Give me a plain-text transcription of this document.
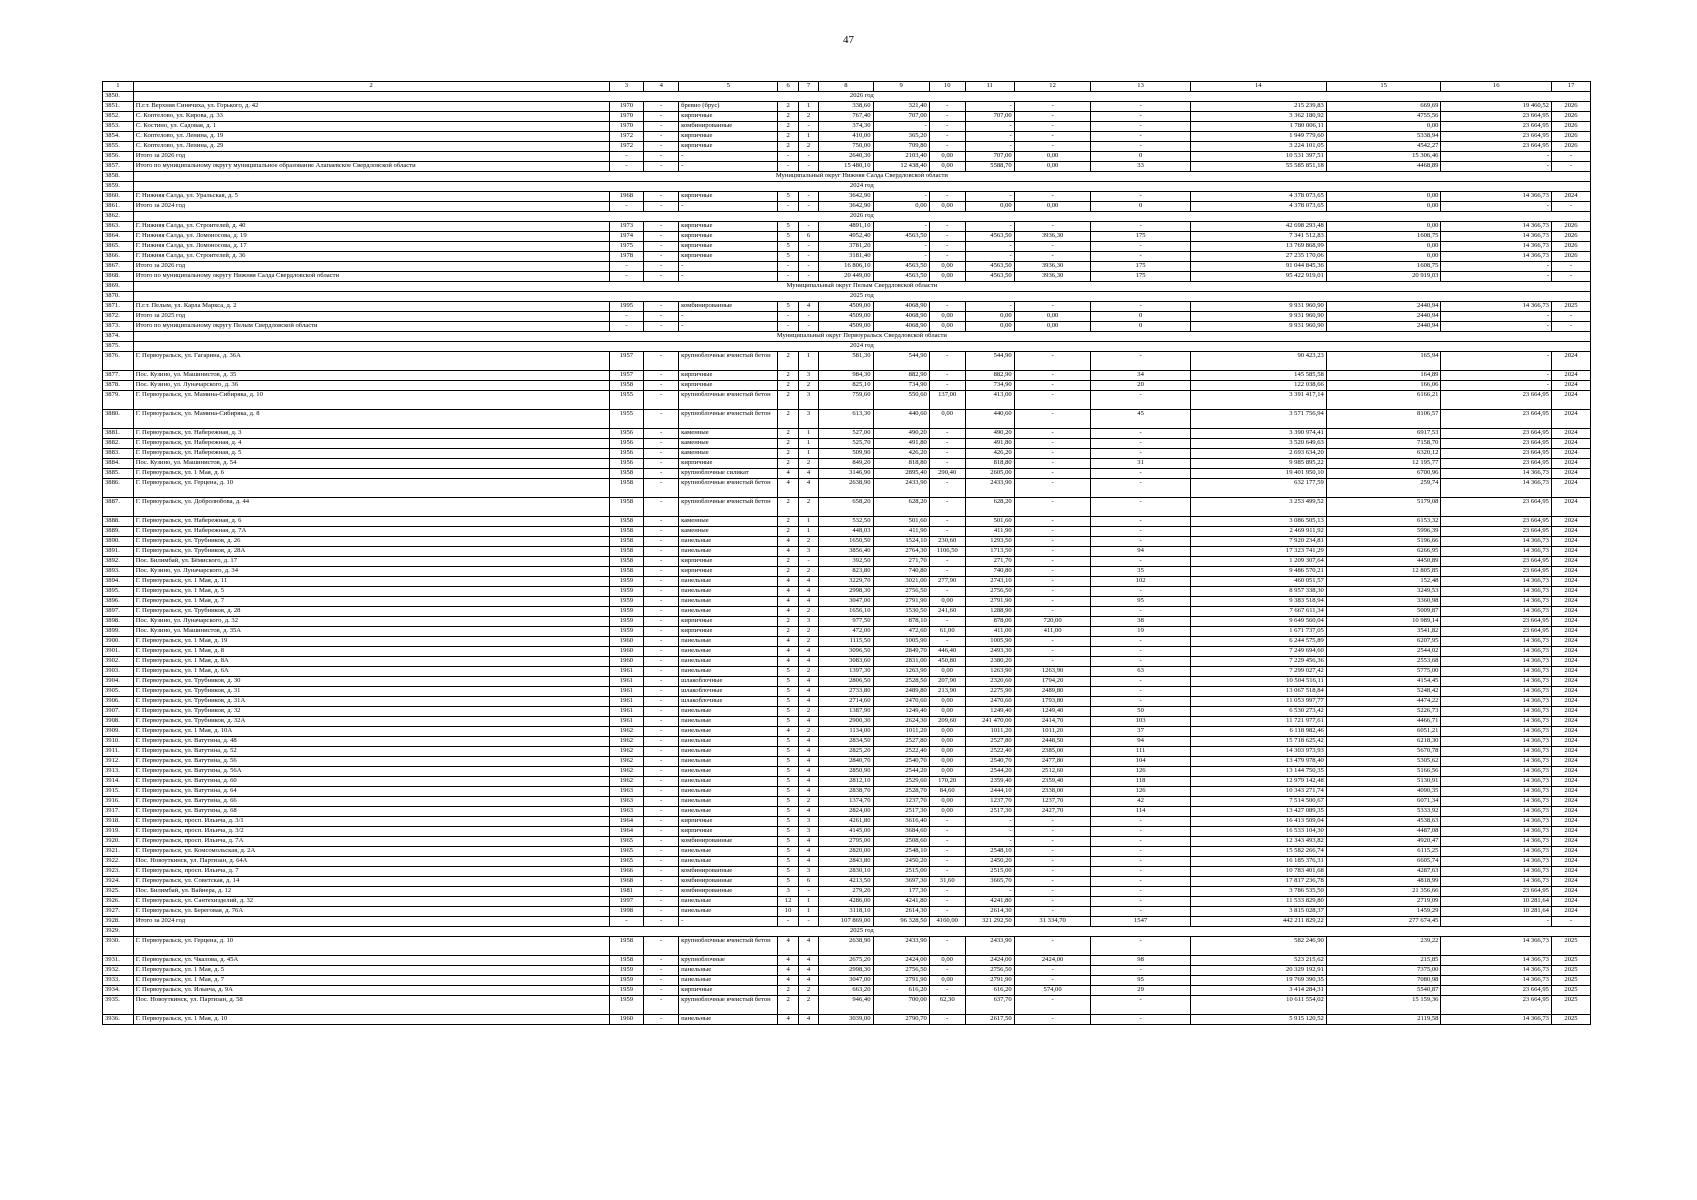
47
1	2	3	4	5	6	7	8	9	10	11	12	13	14	15	16	17
3850.	2026 год															
3851.	П.г.т. Верхняя Синячиха, ул. Горького, д. 42	1970	-	бревно (брус)	2	1	338,60	321,40	-	-	-	-	215 239,83	669,69	19 460,52	2026
3852.	С. Коптелово, ул. Кирова, д. 33	1970	-	кирпичные	2	2	767,40	707,00	-	707,00	-	-	3 362 180,92	4755,56	23 664,95	2026
3853.	С. Костино, ул. Садовая, д. 1	1970	-	комбинированные	2	-	374,30	-	-	-	-	-	1 780 006,11	0,00	23 664,95	2026
3854.	С. Коптелово, ул. Ленина, д. 19	1972	-	кирпичные	2	1	410,00	365,20	-	-	-	-	1 949 779,60	5338,94	23 664,95	2026
3855.	С. Коптелово, ул. Ленина, д. 29	1972	-	кирпичные	2	2	750,00	709,80	-	-	-	-	3 224 101,05	4542,27	23 664,95	2026
3856.	Итого за 2026 год	-	-	-	-	-	2640,30	2103,40	0,00	707,00	0,00	0	10 531 397,51	15 306,46	-	-
3857.	Итого по муниципальному округу муниципальное образование Алапаевское Свердловской области	-	-	-	-	-	15 480,10	12 438,40	0,00	5588,70	0,00	33	55 585 851,18	4468,89	-	-
3858.	Муниципальный округ Нижняя Салда Свердловской области															
3859.	2024 год															
3860.	Г. Нижняя Салда, ул. Уральская, д. 5	1968	-	кирпичные	5	-	3642,90	-	-	-	-	-	4 378 073,65	0,00	14 366,73	2024
3861.	Итого за 2024 год	-	-	-	-	-	3642,90	0,00	0,00	0,00	0,00	0	4 378 073,65	0,00	-	-
3862.	2026 год															
3863.	Г. Нижняя Салда, ул. Строителей, д. 40	1973	-	кирпичные	5	-	4891,10	-	-	-	-	-	42 698 293,48	0,00	14 366,73	2026
3864.	Г. Нижняя Салда, ул. Ломоносова, д. 19	1974	-	кирпичные	5	6	4952,40	4563,50	-	4563,50	3936,30	175	7 341 512,83	1608,75	14 366,73	2026
3865.	Г. Нижняя Салда, ул. Ломоносова, д. 17	1975	-	кирпичные	5	-	3781,20	-	-	-	-	-	13 769 868,99	0,00	14 366,73	2026
3866.	Г. Нижняя Салда, ул. Строителей, д. 36	1978	-	кирпичные	5	-	3181,40	-	-	-	-	-	27 235 170,06	0,00	14 366,73	2026
3867.	Итого за 2026 год	-	-	-	-	-	16 806,10	4563,50	0,00	4563,50	3936,30	175	91 044 845,36	1608,75	-	-
3868.	Итого по муниципальному округу Нижняя Салда Свердловской области	-	-	-	-	-	20 449,00	4563,50	0,00	4563,50	3936,30	175	95 422 919,01	20 919,03	-	-
3869.	Муниципальный округ Пелым Свердловской области															
3870.	2025 год															
3871.	П.г.т. Пелым, ул. Карла Маркса, д. 2	1995	-	комбинированные	5	4	4509,00	4068,90	-	-	-	-	9 931 960,90	2440,94	14 366,73	2025
3872.	Итого за 2025 год	-	-	-	-	-	4509,00	4068,90	0,00	0,00	0,00	0	9 931 960,90	2440,94	-	-
3873.	Итого по муниципальному округу Пелым Свердловской области	-	-	-	-	-	4509,00	4068,90	0,00	0,00	0,00	0	9 931 960,90	2440,94	-	-
3874.	Муниципальный округ Первоуральск Свердловской области															
3875.	2024 год															
3876.	Г. Первоуральск, ул. Гагарина, д. 36А	1957	-	крупноблочные ячеистый бетон	2	1	581,30	544,90	-	544,90	-	-	90 423,23	165,94	-	2024
3877.	Пос. Кузино, ул. Машинистов, д. 35	1957	-	кирпичные	2	3	984,30	882,90	-	882,90	-	34	145 585,58	164,89	-	2024
3878.	Пос. Кузино, ул. Луначарского, д. 36	1958	-	кирпичные	2	2	825,10	734,90	-	734,90	-	20	122 038,66	166,06	-	2024
3879.	Г. Первоуральск, ул. Мамина-Сибиряка, д. 10	1955	-	крупноблочные ячеистый бетон	2	3	759,60	550,60	137,00	413,00	-	-	3 391 417,14	6166,21	23 664,95	2024
3880.	Г. Первоуральск, ул. Мамина-Сибиряка, д. 8	1955	-	крупноблочные ячеистый бетон	2	3	613,30	440,60	0,00	440,60	-	45	3 571 756,94	8106,57	23 664,95	2024
3881.	Г. Первоуральск, ул. Набережная, д. 3	1956	-	каменные	2	1	527,00	490,20	-	490,20	-	-	3 390 974,41	6917,53	23 664,95	2024
3882.	Г. Первоуральск, ул. Набережная, д. 4	1956	-	каменные	2	1	525,70	491,80	-	491,80	-	-	3 520 649,63	7158,70	23 664,95	2024
3883.	Г. Первоуральск, ул. Набережная, д. 5	1956	-	каменные	2	1	509,90	426,20	-	426,20	-	-	2 693 634,20	6320,12	23 664,95	2024
3884.	Пос. Кузино, ул. Машинистов, д. 54	1956	-	кирпичные	2	2	849,20	818,80	-	818,80	-	31	9 985 895,22	12 195,77	23 664,95	2024
3885.	Г. Первоуральск, ул. 1 Мая, д. 6	1958	-	крупноблочные силикат	4	4	3146,90	2895,40	290,40	2605,00	-	-	19 401 950,10	6700,96	14 366,73	2024
3886.	Г. Первоуральск, ул. Герцена, д. 10	1958	-	крупноблочные ячеистый бетон	4	4	2638,90	2433,90	-	2433,90	-	-	632 177,59	259,74	14 366,73	2024
3887.	Г. Первоуральск, ул. Добролюбова, д. 44	1958	-	крупноблочные ячеистый бетон	2	2	658,20	628,20	-	628,20	-	-	3 253 499,52	5179,08	23 664,95	2024
3888.	Г. Первоуральск, ул. Набережная, д. 6	1958	-	каменные	2	1	532,50	501,60	-	501,60	-	-	3 086 505,13	6153,32	23 664,95	2024
3889.	Г. Первоуральск, ул. Набережная, д. 7А	1958	-	каменные	2	1	448,03	411,90	-	411,90	-	-	2 469 911,92	5996,39	23 664,95	2024
3890.	Г. Первоуральск, ул. Трубников, д. 26	1958	-	панельные	4	2	1650,50	1524,10	230,60	1293,50	-	-	7 920 234,81	5196,66	14 366,73	2024
3891.	Г. Первоуральск, ул. Трубников, д. 28А	1958	-	панельные	4	3	3856,40	2764,30	1106,50	1713,50	-	94	17 323 741,29	6266,95	14 366,73	2024
3892.	Пос. Билимбай, ул. Бёмиского, д. 17	1958	-	кирпичные	2	-	392,50	271,70	-	271,70	-	-	1 209 307,64	4450,89	23 664,95	2024
3893.	Пос. Кузино, ул. Луначарского, д. 34	1958	-	кирпичные	2	2	823,80	740,80	-	740,80	-	35	9 486 570,21	12 805,85	23 664,95	2024
3894.	Г. Первоуральск, ул. 1 Мая, д. 11	1959	-	панельные	4	4	3229,70	3021,00	277,90	2743,10	-	102	460 051,57	152,48	14 366,73	2024
3895.	Г. Первоуральск, ул. 1 Мая, д. 5	1959	-	панельные	4	4	2998,30	2756,50	-	2756,50	-	-	8 957 338,30	3249,53	14 366,73	2024
3896.	Г. Первоуральск, ул. 1 Мая, д. 7	1959	-	панельные	4	4	3047,00	2791,90	0,00	2791,90	-	95	9 383 518,94	3360,98	14 366,73	2024
3897.	Г. Первоуральск, ул. Трубников, д. 28	1959	-	панельные	4	2	1656,10	1530,50	241,60	1288,90	-	-	7 667 611,34	5009,87	14 366,73	2024
3898.	Пос. Кузино, ул. Луначарского, д. 32	1959	-	кирпичные	2	3	977,50	878,10	-	878,00	720,00	38	9 649 560,04	10 989,14	23 664,95	2024
3899.	Пос. Кузино, ул. Машинистов, д. 35А	1959	-	кирпичные	2	2	472,00	472,60	61,00	411,00	411,00	19	1 671 737,05	3541,82	23 664,95	2024
3900.	Г. Первоуральск, ул. 1 Мая, д. 19	1960	-	панельные	4	2	1115,50	1005,90	-	1005,90	-	-	6 244 575,89	6207,95	14 366,73	2024
3901.	Г. Первоуральск, ул. 1 Мая, д. 8	1960	-	панельные	4	4	3096,50	2849,70	446,40	2493,30	-	-	7 249 694,60	2544,02	14 366,73	2024
3902.	Г. Первоуральск, ул. 1 Мая, д. 8А	1960	-	панельные	4	4	3083,60	2831,00	450,80	2380,20	-	-	7 229 456,36	2553,68	14 366,73	2024
3903.	Г. Первоуральск, ул. 1 Мая, д. 6А	1961	-	панельные	5	2	1397,30	1263,90	0,00	1263,90	1263,90	63	7 299 027,42	5775,00	14 366,73	2024
3904.	Г. Первоуральск, ул. Трубников, д. 30	1961	-	шлакоблочные	5	4	2806,50	2528,50	207,90	2320,60	1794,20	-	10 504 516,11	4154,45	14 366,73	2024
3905.	Г. Первоуральск, ул. Трубников, д. 31	1961	-	шлакоблочные	5	4	2733,80	2489,80	213,90	2275,90	2489,80	-	13 067 518,84	5248,42	14 366,73	2024
3906.	Г. Первоуральск, ул. Трубников, д. 31А	1961	-	шлакоблочные	5	4	2714,60	2470,60	0,00	2470,60	1793,80	-	11 053 997,77	4474,22	14 366,73	2024
3907.	Г. Первоуральск, ул. Трубников, д. 32	1961	-	панельные	5	2	1387,90	1249,40	0,00	1249,40	1249,40	50	6 530 273,42	5226,73	14 366,73	2024
3908.	Г. Первоуральск, ул. Трубников, д. 32А	1961	-	панельные	5	4	2900,30	2624,30	209,60	241 470,00	2414,70	103	11 721 977,61	4466,71	14 366,73	2024
3909.	Г. Первоуральск, ул. 1 Мая, д. 10А	1962	-	панельные	4	2	1134,00	1011,20	0,00	1011,20	1011,20	37	6 118 982,46	6051,21	14 366,73	2024
3910.	Г. Первоуральск, ул. Ватутина, д. 48	1962	-	панельные	5	4	2834,50	2527,80	0,00	2527,80	2448,50	94	15 718 625,42	6218,30	14 366,73	2024
3911.	Г. Первоуральск, ул. Ватутина, д. 52	1962	-	панельные	5	4	2825,20	2522,40	0,00	2522,40	2385,00	111	14 303 973,93	5670,78	14 366,73	2024
3912.	Г. Первоуральск, ул. Ватутина, д. 56	1962	-	панельные	5	4	2840,70	2540,70	0,00	2540,70	2477,80	104	13 479 978,40	5305,62	14 366,73	2024
3913.	Г. Первоуральск, ул. Ватутина, д. 56А	1962	-	панельные	5	4	2850,90	2544,20	0,00	2544,20	2512,60	126	13 144 750,35	5166,56	14 366,73	2024
3914.	Г. Первоуральск, ул. Ватутина, д. 60	1962	-	панельные	5	4	2812,10	2529,60	170,20	2359,40	2359,40	118	12 979 142,48	5130,91	14 366,73	2024
3915.	Г. Первоуральск, ул. Ватутина, д. 64	1963	-	панельные	5	4	2838,70	2528,70	84,60	2444,10	2338,00	126	10 343 271,74	4090,35	14 366,73	2024
3916.	Г. Первоуральск, ул. Ватутина, д. 66	1963	-	панельные	5	2	1374,70	1237,70	0,00	1237,70	1237,70	42	7 514 500,67	6071,34	14 366,73	2024
3917.	Г. Первоуральск, ул. Ватутина, д. 68	1963	-	панельные	5	4	2824,00	2517,30	0,00	2517,30	2427,70	114	13 427 089,35	5333,92	14 366,73	2024
3918.	Г. Первоуральск, просп. Ильича, д. 3/1	1964	-	кирпичные	5	3	4261,80	3616,40	-	-	-	-	16 413 509,04	4538,63	14 366,73	2024
3919.	Г. Первоуральск, просп. Ильича, д. 3/2	1964	-	кирпичные	5	3	4145,00	3684,60	-	-	-	-	16 533 104,30	4487,08	14 366,73	2024
3920.	Г. Первоуральск, просп. Ильича, д. 7А	1965	-	комбинированные	5	4	2795,00	2508,60	-	-	-	-	12 343 493,82	4920,47	14 366,73	2024
3921.	Г. Первоуральск, ул. Комсомольская, д. 2А	1965	-	панельные	5	4	2820,00	2548,10	-	2548,10	-	-	15 582 266,74	6115,25	14 366,73	2024
3922.	Пос. Новоуткинск, ул. Партизан, д. 64А	1965	-	панельные	5	4	2843,80	2450,20	-	2450,20	-	-	16 185 376,31	6605,74	14 366,73	2024
3923.	Г. Первоуральск, просп. Ильича, д. 7	1966	-	комбинированные	5	3	2830,10	2515,00	-	2515,00	-	-	10 783 401,68	4287,63	14 366,73	2024
3924.	Г. Первоуральск, ул. Советская, д. 14	1968	-	комбинированные	5	6	4213,50	3697,30	31,60	3665,70	-	-	17 817 236,78	4818,99	14 366,73	2024
3925.	Пос. Билимбай, ул. Вайнера, д. 12	1981	-	комбинированные	3	-	279,20	177,30	-	-	-	-	3 786 535,50	21 356,66	23 664,95	2024
3926.	Г. Первоуральск, ул. Сантехизделий, д. 32	1997	-	панельные	12	1	4286,00	4241,80	-	4241,80	-	-	11 533 829,80	2719,09	10 281,64	2024
3927.	Г. Первоуральск, ул. Береговая, д. 76А	1998	-	панельные	10	1	3118,10	2614,30	-	2614,30	-	-	3 815 028,37	1459,29	10 281,64	2024
3928.	Итого за 2024 год	-	-	-	-	-	107 869,00	96 328,50	4160,00	321 292,50	31 334,70	1547	442 211 829,22	277 674,45	-	-
3929.	2025 год															
3930.	Г. Первоуральск, ул. Герцена, д. 10	1958	-	крупноблочные ячеистый бетон	4	4	2638,90	2433,90	-	2433,90	-	-	582 246,90	239,22	14 366,73	2025
3931.	Г. Первоуральск, ул. Чкалова, д. 45А	1958	-	крупноблочные	4	4	2675,20	2424,00	0,00	2424,00	2424,00	98	523 215,62	215,85	14 366,73	2025
3932.	Г. Первоуральск, ул. 1 Мая, д. 5	1959	-	панельные	4	4	2998,30	2756,50	-	2756,50	-	-	20 329 192,91	7375,00	14 366,73	2025
3933.	Г. Первоуральск, ул. 1 Мая, д. 7	1959	-	панельные	4	4	3047,00	2791,90	0,00	2791,90	-	95	19 769 390,35	7080,98	14 366,73	2025
3934.	Г. Первоуральск, ул. Ильича, д. 9А	1959	-	кирпичные	2	2	663,20	616,20	-	616,20	574,00	29	3 414 284,31	5540,87	23 664,95	2025
3935.	Пос. Новоуткинск, ул. Партизан, д. 58	1959	-	крупноблочные ячеистый бетон	2	2	946,40	700,00	62,30	637,70	-	-	10 611 554,02	15 159,36	23 664,95	2025
3936.	Г. Первоуральск, ул. 1 Мая, д. 10	1960	-	панельные	4	4	3039,00	2790,70	-	2617,50	-	-	5 915 120,52	2119,58	14 366,73	2025
